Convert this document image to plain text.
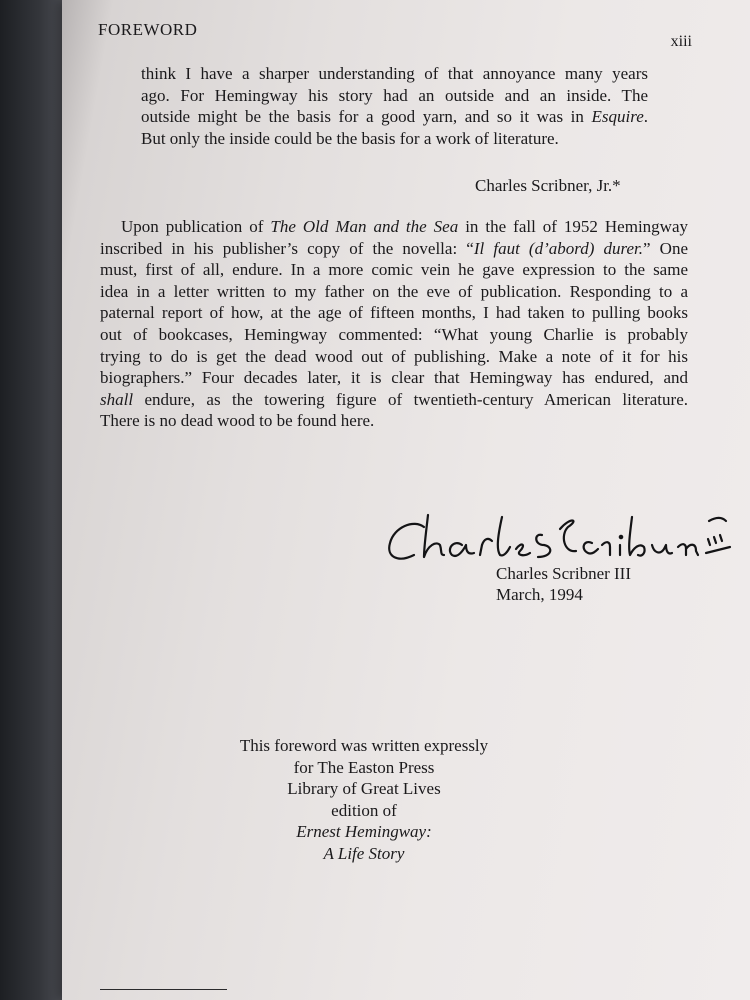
FOREWORD
xiii
think I have a sharper understanding of that annoyance many years
ago. For Hemingway his story had an outside and an inside. The
outside might be the basis for a good yarn, and so it was in Esquire.
But only the inside could be the basis for a work of literature.
Charles Scribner, Jr.*
Upon publication of The Old Man and the Sea in the fall of 1952 Hemingway
inscribed in his publisher’s copy of the novella: “Il faut (d’abord) durer.” One
must, first of all, endure. In a more comic vein he gave expression to the same
idea in a letter written to my father on the eve of publication. Responding to a
paternal report of how, at the age of fifteen months, I had taken to pulling books
out of bookcases, Hemingway commented: “What young Charlie is probably
trying to do is get the dead wood out of publishing. Make a note of it for his
biographers.” Four decades later, it is clear that Hemingway has endured, and
shall endure, as the towering figure of twentieth-century American literature.
There is no dead wood to be found here.
Charles Scribner III
March, 1994
This foreword was written expressly
for The Easton Press
Library of Great Lives
edition of
Ernest Hemingway:
A Life Story
